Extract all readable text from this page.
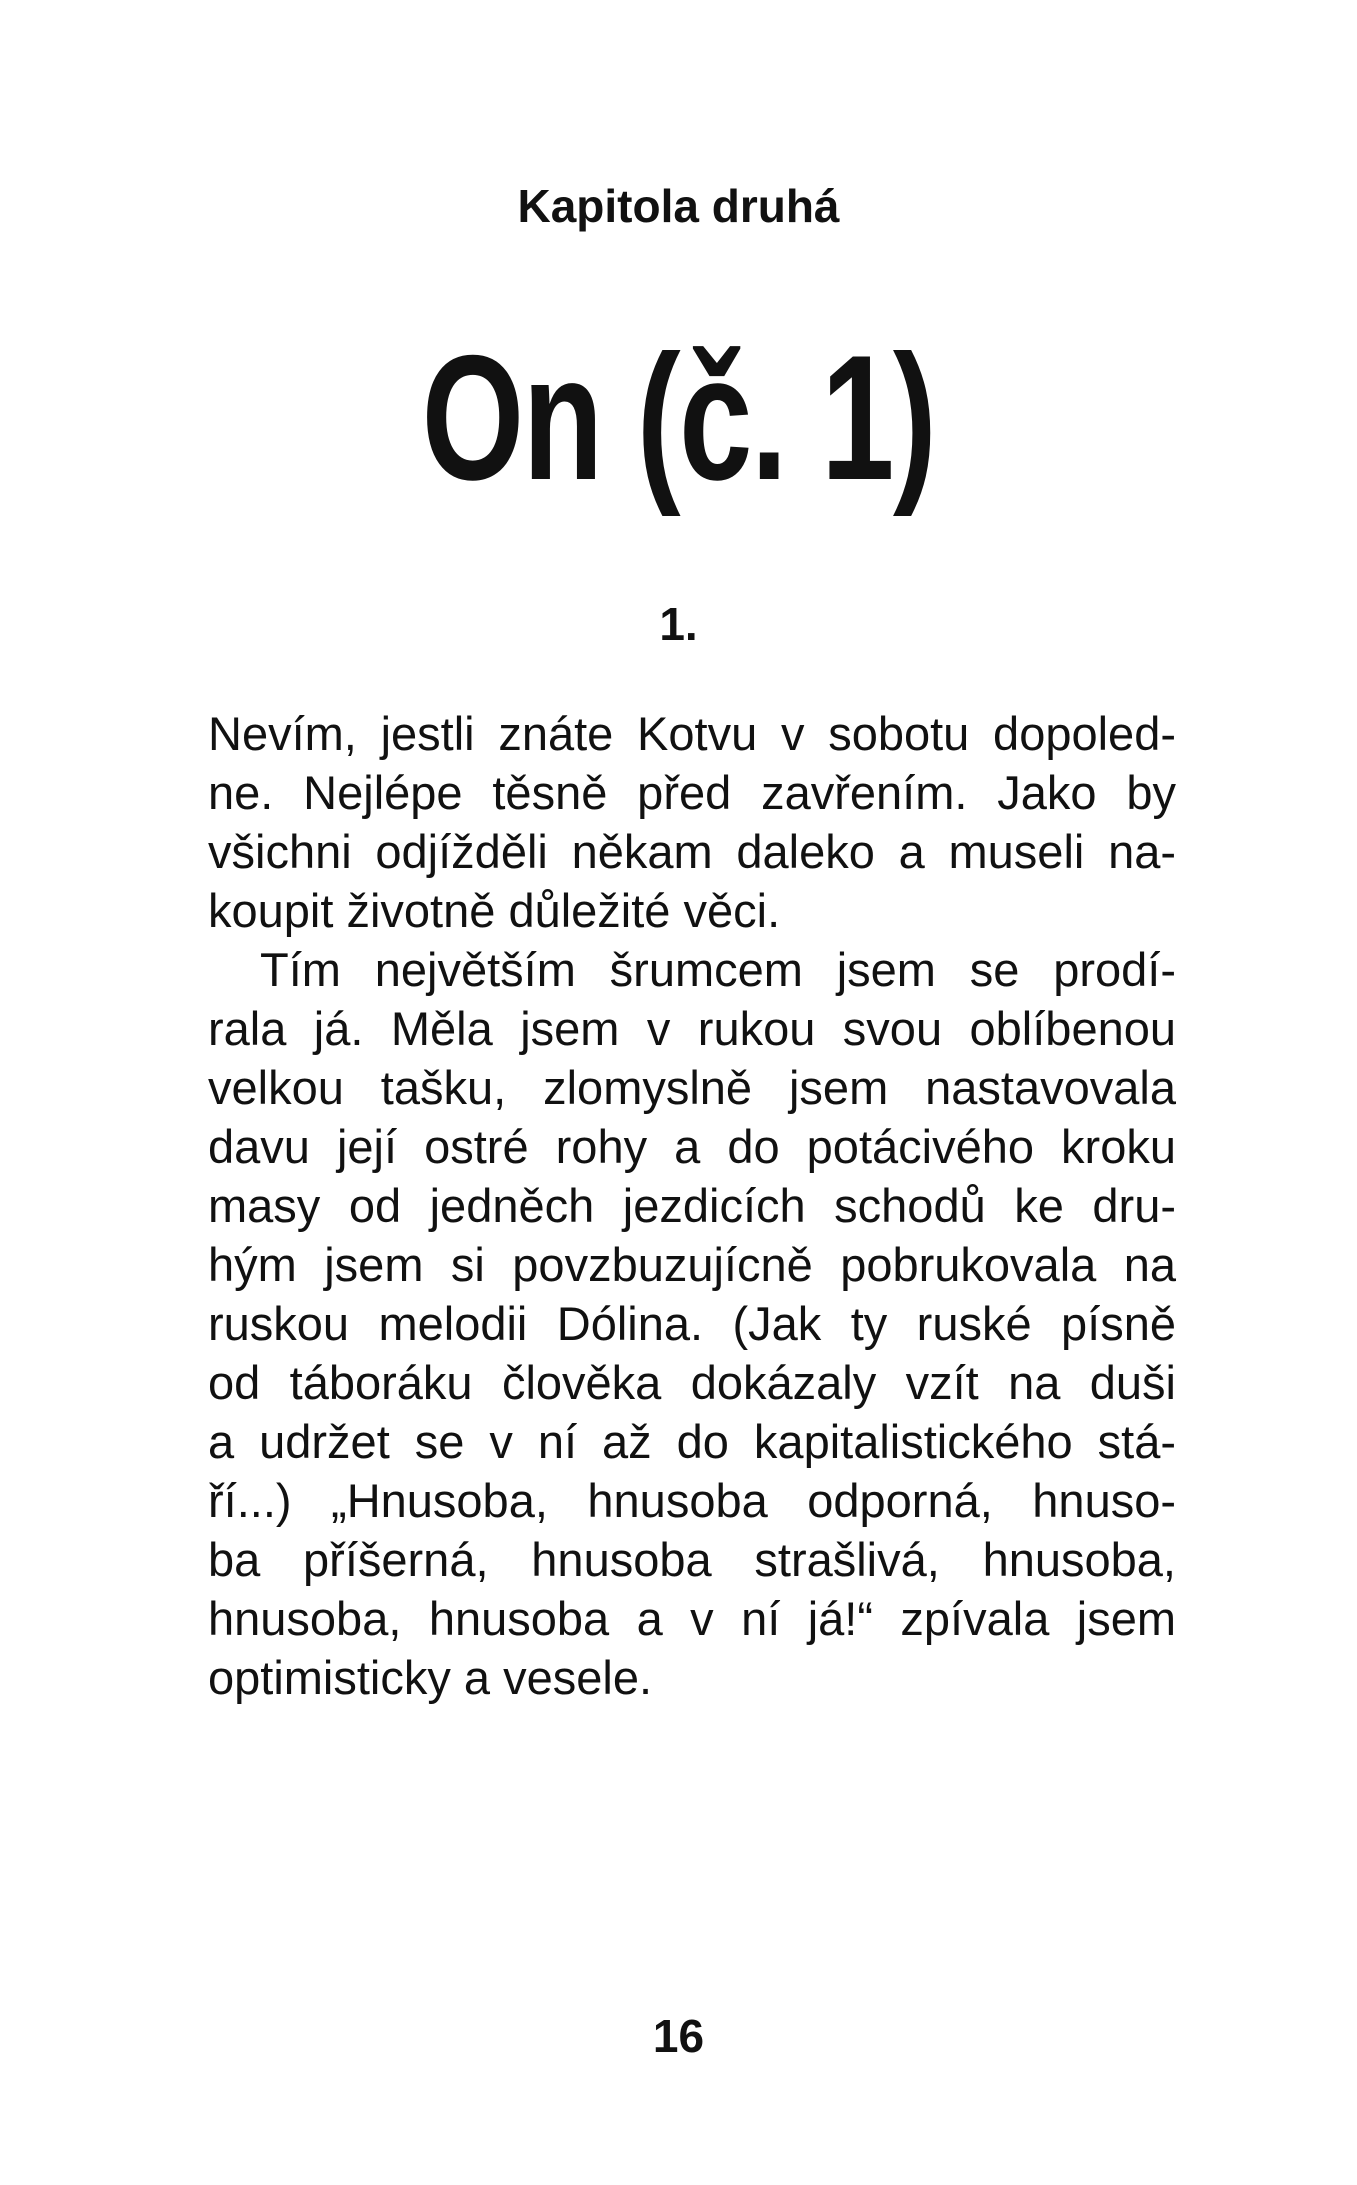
Kapitola druhá
On (č. 1)
1.
Nevím, jestli znáte Kotvu v sobotu dopoled-
ne. Nejlépe těsně před zavřením. Jako by
všichni odjížděli někam daleko a museli na-
koupit životně důležité věci.
Tím největším šrumcem jsem se prodí-
rala já. Měla jsem v rukou svou oblíbenou
velkou tašku, zlomyslně jsem nastavovala
davu její ostré rohy a do potácivého kroku
masy od jedněch jezdicích schodů ke dru-
hým jsem si povzbuzujícně pobrukovala na
ruskou melodii Dólina. (Jak ty ruské písně
od táboráku člověka dokázaly vzít na duši
a udržet se v ní až do kapitalistického stá-
ří...) „Hnusoba, hnusoba odporná, hnuso-
ba příšerná, hnusoba strašlivá, hnusoba,
hnusoba, hnusoba a v ní já!“ zpívala jsem
optimisticky a vesele.
16
